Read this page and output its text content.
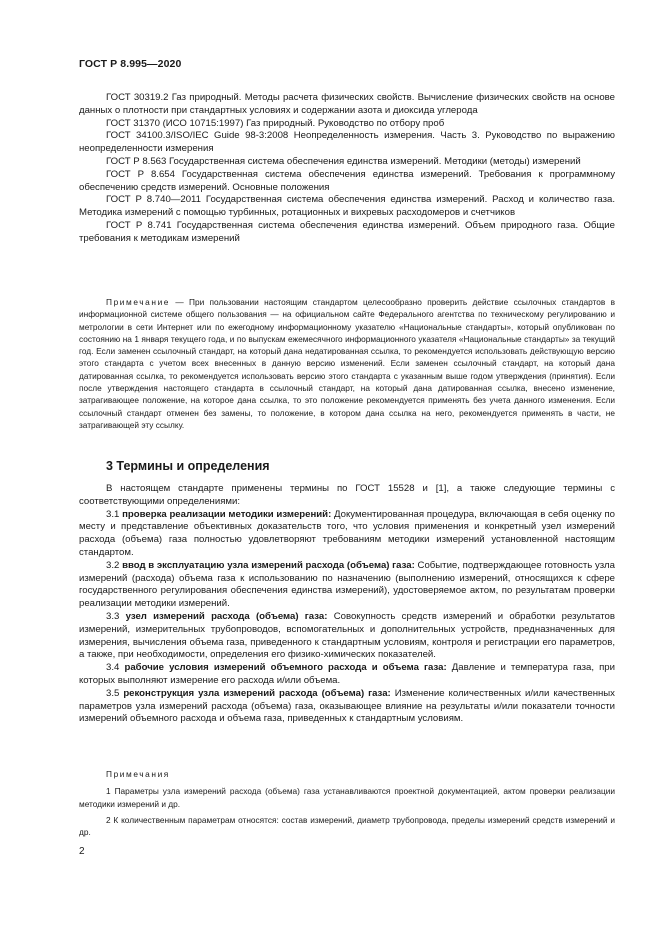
ГОСТ Р 8.995—2020

ГОСТ 30319.2 Газ природный. Методы расчета физических свойств. Вычисление физических свойств на основе данных о плотности при стандартных условиях и содержании азота и диоксида углерода

ГОСТ 31370 (ИСО 10715:1997) Газ природный. Руководство по отбору проб

ГОСТ 34100.3/ISO/IEC Guide 98-3:2008 Неопределенность измерения. Часть 3. Руководство по выражению неопределенности измерения

ГОСТ Р 8.563 Государственная система обеспечения единства измерений. Методики (методы) измерений

ГОСТ Р 8.654 Государственная система обеспечения единства измерений. Требования к программному обеспечению средств измерений. Основные положения

ГОСТ Р 8.740—2011 Государственная система обеспечения единства измерений. Расход и количество газа. Методика измерений с помощью турбинных, ротационных и вихревых расходомеров и счетчиков

ГОСТ Р 8.741 Государственная система обеспечения единства измерений. Объем природного газа. Общие требования к методикам измерений

Примечание — При пользовании настоящим стандартом целесообразно проверить действие ссылочных стандартов в информационной системе общего пользования — на официальном сайте Федерального агентства по техническому регулированию и метрологии в сети Интернет или по ежегодному информационному указателю «Национальные стандарты», который опубликован по состоянию на 1 января текущего года, и по выпускам ежемесячного информационного указателя «Национальные стандарты» за текущий год. Если заменен ссылочный стандарт, на который дана недатированная ссылка, то рекомендуется использовать действующую версию этого стандарта с учетом всех внесенных в данную версию изменений. Если заменен ссылочный стандарт, на который дана датированная ссылка, то рекомендуется использовать версию этого стандарта с указанным выше годом утверждения (принятия). Если после утверждения настоящего стандарта в ссылочный стандарт, на который дана датированная ссылка, внесено изменение, затрагивающее положение, на которое дана ссылка, то это положение рекомендуется применять без учета данного изменения. Если ссылочный стандарт отменен без замены, то положение, в котором дана ссылка на него, рекомендуется применять в части, не затрагивающей эту ссылку.

3 Термины и определения

В настоящем стандарте применены термины по ГОСТ 15528 и [1], а также следующие термины с соответствующими определениями:

3.1 проверка реализации методики измерений: Документированная процедура, включающая в себя оценку по месту и представление объективных доказательств того, что условия применения и конкретный узел измерений расхода (объема) газа полностью удовлетворяют требованиям методики измерений установленной настоящим стандартом.

3.2 ввод в эксплуатацию узла измерений расхода (объема) газа: Событие, подтверждающее готовность узла измерений (расхода) объема газа к использованию по назначению (выполнению измерений, относящихся к сфере государственного регулирования обеспечения единства измерений), удостоверяемое актом, по результатам проверки реализации методики измерений.

3.3 узел измерений расхода (объема) газа: Совокупность средств измерений и обработки результатов измерений, измерительных трубопроводов, вспомогательных и дополнительных устройств, предназначенных для измерения, вычисления объема газа, приведенного к стандартным условиям, контроля и регистрации его параметров, а также, при необходимости, определения его физико-химических показателей.

3.4 рабочие условия измерений объемного расхода и объема газа: Давление и температура газа, при которых выполняют измерение его расхода и/или объема.

3.5 реконструкция узла измерений расхода (объема) газа: Изменение количественных и/или качественных параметров узла измерений расхода (объема) газа, оказывающее влияние на результаты и/или показатели точности измерений объемного расхода и объема газа, приведенных к стандартным условиям.

Примечания

1 Параметры узла измерений расхода (объема) газа устанавливаются проектной документацией, актом проверки реализации методики измерений и др.

2 К количественным параметрам относятся: состав измерений, диаметр трубопровода, пределы измерений средств измерений и др.

2
